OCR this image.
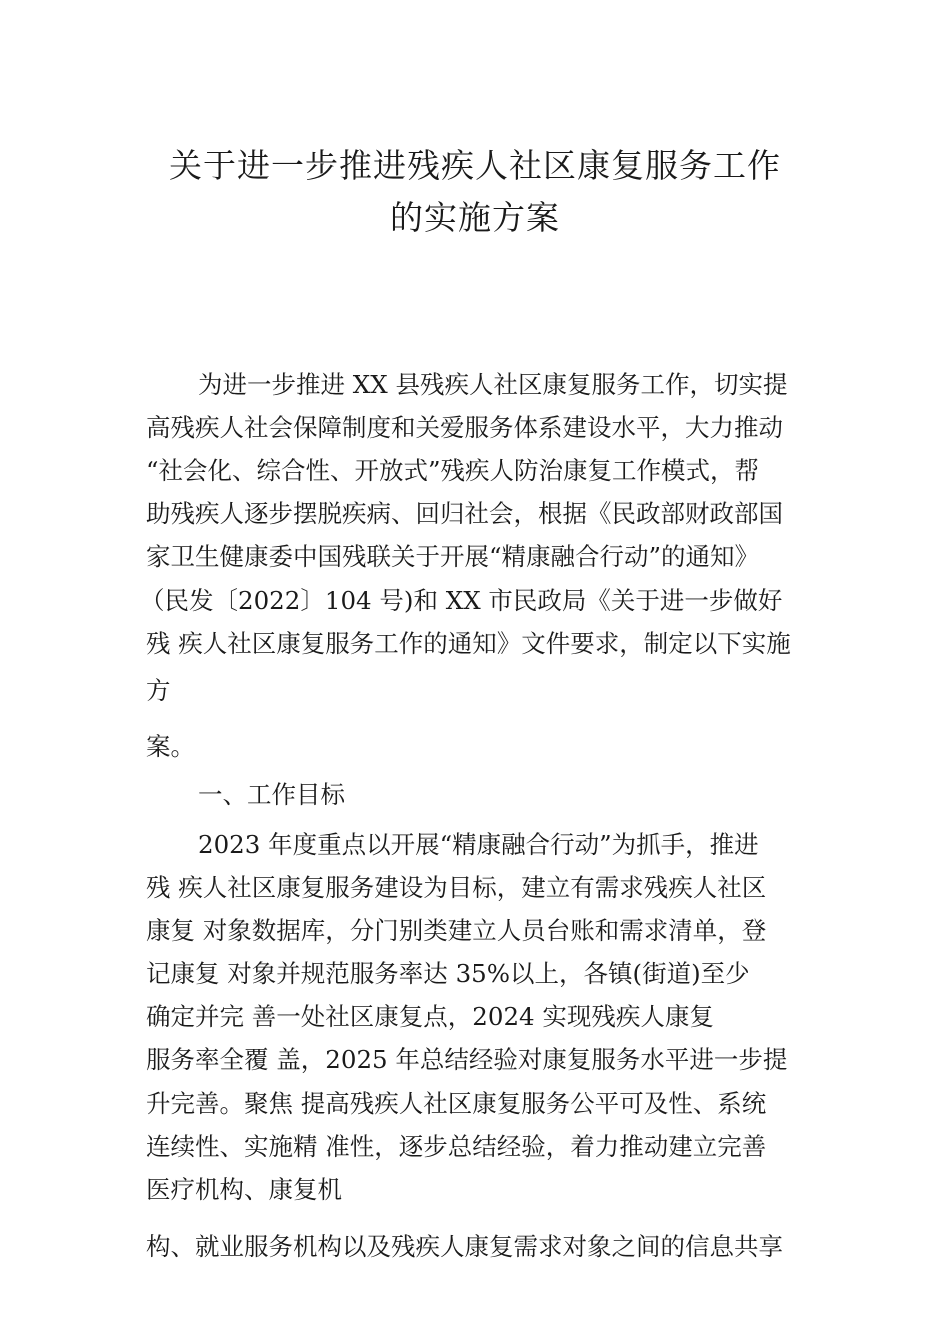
关于进一步推进残疾人社区康复服务工作
的实施方案
为进一步推进 XX 县残疾人社区康复服务工作，切实提
高残疾人社会保障制度和关爱服务体系建设水平，大力推动
“社会化、综合性、开放式”残疾人防治康复工作模式，帮
助残疾人逐步摆脱疾病、回归社会，根据《民政部财政部国
家卫生健康委中国残联关于开展“精康融合行动”的通知》
（民发〔2022〕104 号)和 XX 市民政局《关于进一步做好
残 疾人社区康复服务工作的通知》文件要求，制定以下实施
方
案。
一、工作目标
2023 年度重点以开展“精康融合行动”为抓手，推进
残 疾人社区康复服务建设为目标，建立有需求残疾人社区
康复 对象数据库，分门别类建立人员台账和需求清单，登
记康复 对象并规范服务率达 35%以上，各镇(街道)至少
确定并完 善一处社区康复点，2024 实现残疾人康复
服务率全覆 盖，2025 年总结经验对康复服务水平进一步提
升完善。聚焦 提高残疾人社区康复服务公平可及性、系统
连续性、实施精 准性，逐步总结经验，着力推动建立完善
医疗机构、康复机
构、就业服务机构以及残疾人康复需求对象之间的信息共享
